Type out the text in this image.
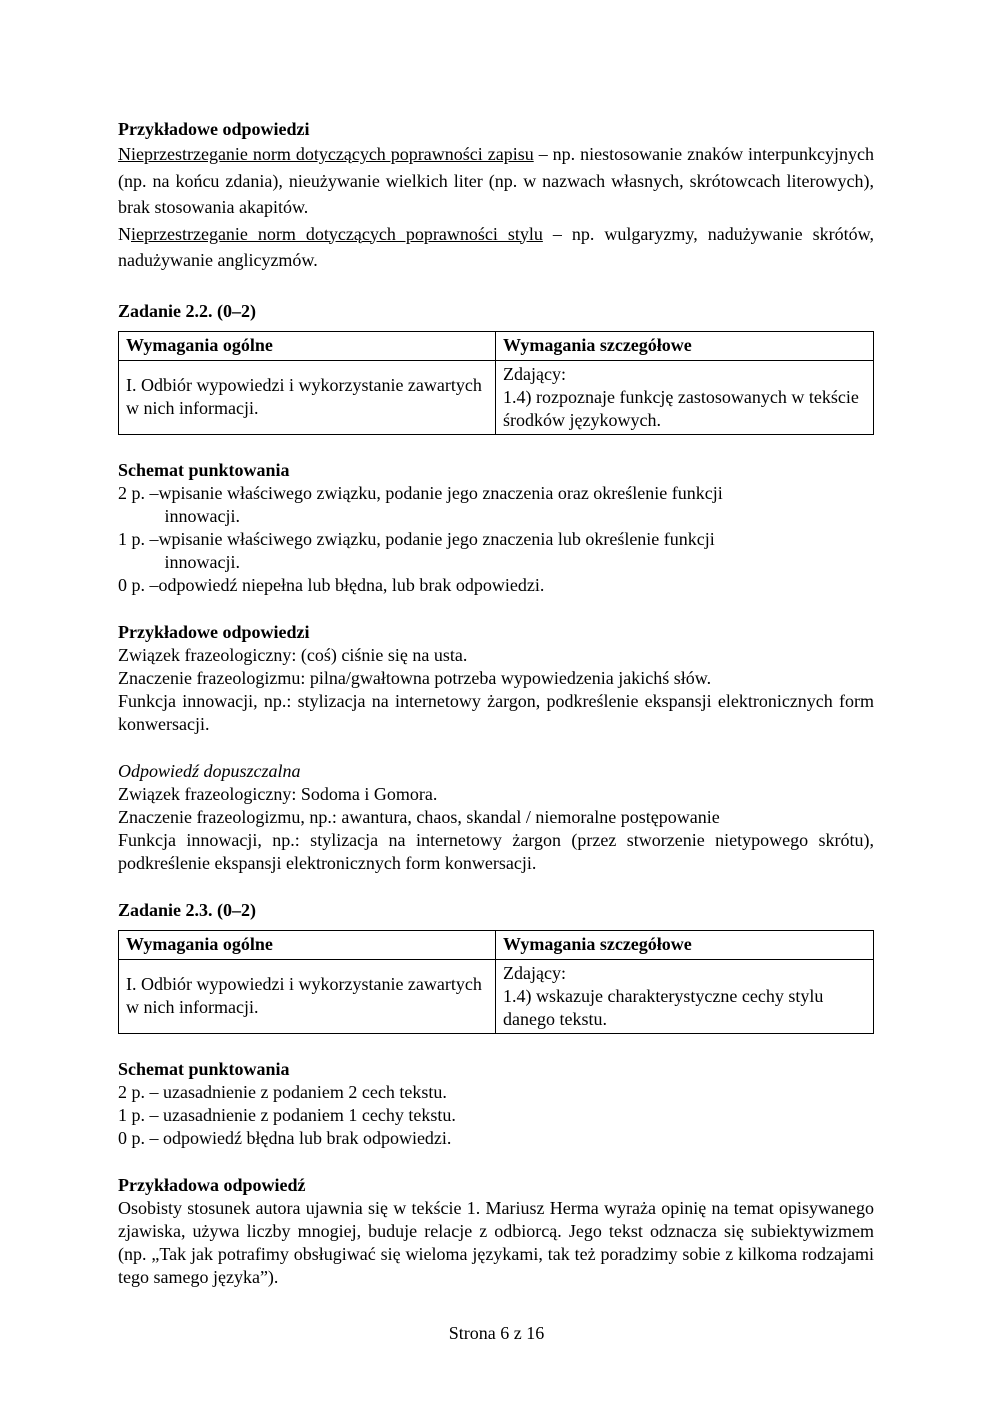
Przykładowe odpowiedzi

Nieprzestrzeganie norm dotyczących poprawności zapisu – np. niestosowanie znaków interpunkcyjnych (np. na końcu zdania), nieużywanie wielkich liter (np. w nazwach własnych, skrótowcach literowych), brak stosowania akapitów.

Nieprzestrzeganie norm dotyczących poprawności stylu – np. wulgaryzmy, nadużywanie skrótów, nadużywanie anglicyzmów.

Zadanie 2.2. (0–2)
Wymagania ogólne	Wymagania szczegółowe
I. Odbiór wypowiedzi i wykorzystanie zawartych w nich informacji.	Zdający:
1.4) rozpoznaje funkcję zastosowanych w tekście środków językowych.
Schemat punktowania
2 p. – wpisanie właściwego związku, podanie jego znaczenia oraz określenie funkcji
innowacji.
1 p. – wpisanie właściwego związku, podanie jego znaczenia lub określenie funkcji
innowacji.
0 p. – odpowiedź niepełna lub błędna, lub brak odpowiedzi.
Przykładowe odpowiedzi

Związek frazeologiczny: (coś) ciśnie się na usta.

Znaczenie frazeologizmu: pilna/gwałtowna potrzeba wypowiedzenia jakichś słów.

Funkcja innowacji, np.: stylizacja na internetowy żargon, podkreślenie ekspansji elektronicznych form konwersacji.

Odpowiedź dopuszczalna

Związek frazeologiczny: Sodoma i Gomora.

Znaczenie frazeologizmu, np.: awantura, chaos, skandal / niemoralne postępowanie

Funkcja innowacji, np.: stylizacja na internetowy żargon (przez stworzenie nietypowego skrótu), podkreślenie ekspansji elektronicznych form konwersacji.

Zadanie 2.3. (0–2)
Wymagania ogólne	Wymagania szczegółowe
I. Odbiór wypowiedzi i wykorzystanie zawartych w nich informacji.	Zdający:
1.4) wskazuje charakterystyczne cechy stylu danego tekstu.
Schemat punktowania

2 p. – uzasadnienie z podaniem 2 cech tekstu.

1 p. – uzasadnienie z podaniem 1 cechy tekstu.

0 p. – odpowiedź błędna lub brak odpowiedzi.

Przykładowa odpowiedź

Osobisty stosunek autora ujawnia się w tekście 1. Mariusz Herma wyraża opinię na temat opisywanego zjawiska, używa liczby mnogiej, buduje relacje z odbiorcą. Jego tekst odznacza się subiektywizmem (np. „Tak jak potrafimy obsługiwać się wieloma językami, tak też poradzimy sobie z kilkoma rodzajami tego samego języka”).

Strona 6 z 16
